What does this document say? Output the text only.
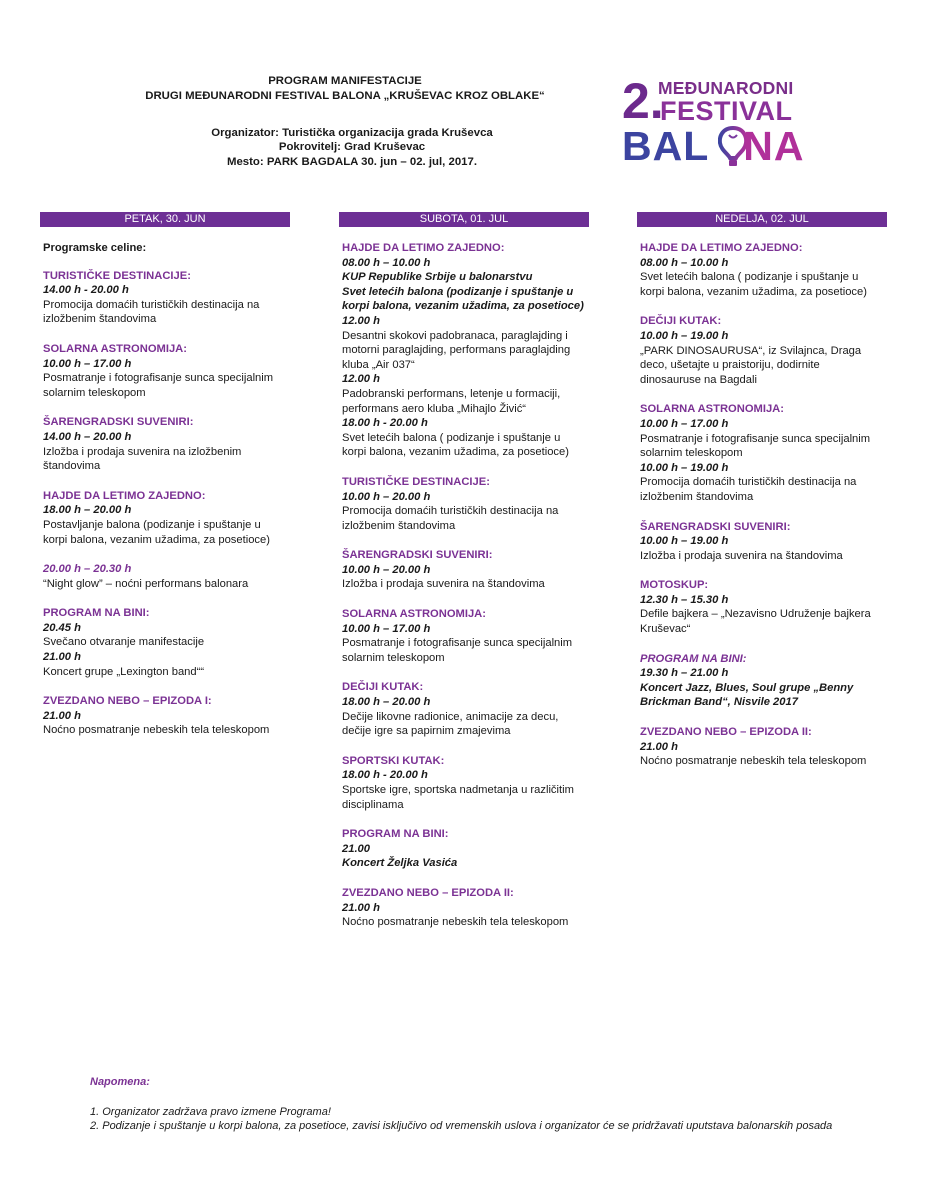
PROGRAM MANIFESTACIJE
DRUGI MEĐUNARODNI FESTIVAL BALONA „KRUŠEVAC KROZ OBLAKE“
Organizator: Turistička organizacija grada Kruševca
Pokrovitelj: Grad Kruševac
Mesto: PARK BAGDALA 30. jun – 02. jul, 2017.
2.
MEĐUNARODNI
FESTIVAL
BAL NA
PETAK, 30. JUN
Programske celine:
TURISTIČKE DESTINACIJE:
14.00 h - 20.00 h
Promocija domaćih turističkih destinacija na izložbenim štandovima
SOLARNA ASTRONOMIJA:
10.00 h – 17.00 h
Posmatranje i fotografisanje sunca specijalnim solarnim teleskopom
ŠARENGRADSKI SUVENIRI:
14.00 h – 20.00 h
Izložba i prodaja suvenira na izložbenim štandovima
HAJDE DA LETIMO ZAJEDNO:
18.00 h – 20.00 h
Postavljanje balona (podizanje i spuštanje u korpi balona, vezanim užadima, za posetioce)
20.00 h – 20.30 h
“Night glow” – noćni performans balonara
PROGRAM NA BINI:
20.45 h
Svečano otvaranje manifestacije
21.00 h
Koncert grupe „Lexington band““
ZVEZDANO NEBO – EPIZODA I:
21.00 h
Noćno posmatranje nebeskih tela teleskopom
SUBOTA, 01. JUL
HAJDE DA LETIMO ZAJEDNO:
08.00 h – 10.00 h
KUP Republike Srbije u balonarstvu
Svet letećih balona (podizanje i spuštanje u korpi balona, vezanim užadima, za posetioce)
12.00 h
Desantni skokovi padobranaca, paraglajding i motorni paraglajding, performans paraglajding kluba „Air 037“
12.00 h
Padobranski performans, letenje u formaciji, performans aero kluba „Mihajlo Živić“
18.00 h - 20.00 h
Svet letećih balona ( podizanje i spuštanje u korpi balona, vezanim užadima, za posetioce)
TURISTIČKE DESTINACIJE:
10.00 h – 20.00 h
Promocija domaćih turističkih destinacija na izložbenim štandovima
ŠARENGRADSKI SUVENIRI:
10.00 h – 20.00 h
Izložba i prodaja suvenira na štandovima
SOLARNA ASTRONOMIJA:
10.00 h – 17.00 h
Posmatranje i fotografisanje sunca specijalnim solarnim teleskopom
DEČIJI KUTAK:
18.00 h – 20.00 h
Dečije likovne radionice, animacije za decu, dečije igre sa papirnim zmajevima
SPORTSKI KUTAK:
18.00 h - 20.00 h
Sportske igre, sportska nadmetanja u različitim disciplinama
PROGRAM NA BINI:
21.00
Koncert Željka Vasića
ZVEZDANO NEBO – EPIZODA II:
21.00 h
Noćno posmatranje nebeskih tela teleskopom
NEDELJA, 02. JUL
HAJDE DA LETIMO ZAJEDNO:
08.00 h – 10.00 h
Svet letećih balona ( podizanje i spuštanje u korpi balona, vezanim užadima, za posetioce)
DEČIJI KUTAK:
10.00 h – 19.00 h
„PARK DINOSAURUSA“, iz Svilajnca, Draga deco, ušetajte u praistoriju, dodirnite dinosauruse na Bagdali
SOLARNA ASTRONOMIJA:
10.00 h – 17.00 h
Posmatranje i fotografisanje sunca specijalnim solarnim teleskopom
10.00 h – 19.00 h
Promocija domaćih turističkih destinacija na izložbenim štandovima
ŠARENGRADSKI SUVENIRI:
10.00 h – 19.00 h
Izložba i prodaja suvenira na štandovima
MOTOSKUP:
12.30 h – 15.30 h
Defile bajkera – „Nezavisno Udruženje bajkera Kruševac“
PROGRAM NA BINI:
19.30 h – 21.00 h
Koncert Jazz, Blues, Soul grupe „Benny Brickman Band“, Nisvile 2017
ZVEZDANO NEBO – EPIZODA II:
21.00 h
Noćno posmatranje nebeskih tela teleskopom
Napomena:
1. Organizator zadržava pravo izmene Programa!
2. Podizanje i spuštanje u korpi balona, za posetioce, zavisi isključivo od vremenskih uslova i organizator će se pridržavati uputstava balonarskih posada
